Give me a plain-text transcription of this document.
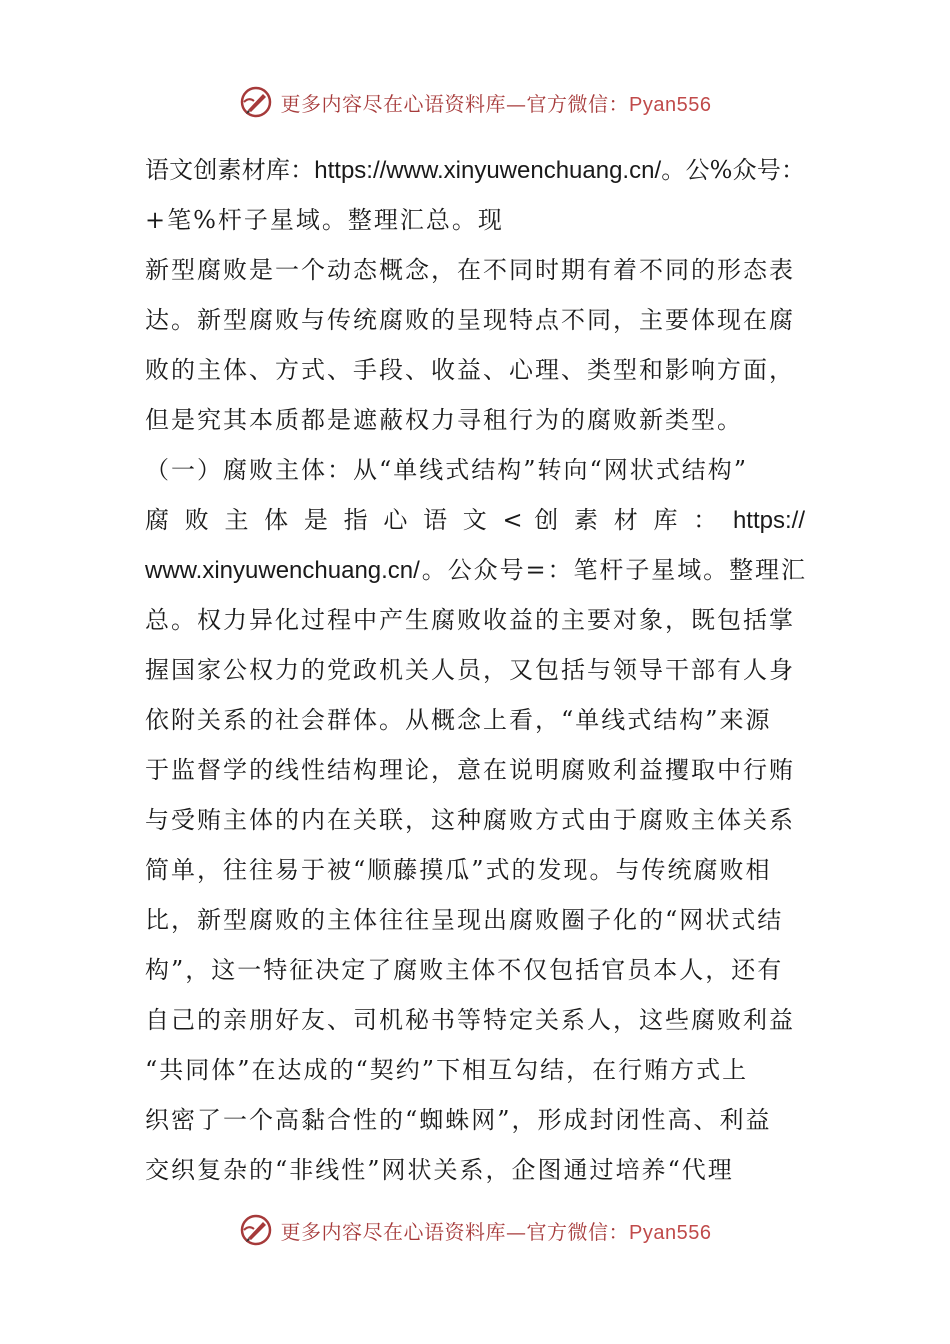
更多内容尽在心语资料库—官方微信：Pyan556
语文创素材库：https://www.xinyuwenchuang.cn/。公%众号：
+笔%杆子星域。整理汇总。现
新型腐败是一个动态概念，在不同时期有着不同的形态表
达。新型腐败与传统腐败的呈现特点不同，主要体现在腐
败的主体、方式、手段、收益、心理、类型和影响方面，
但是究其本质都是遮蔽权力寻租行为的腐败新类型。
（一）腐败主体：从“单线式结构”转向“网状式结构”
腐 败 主 体 是 指 心 语 文 < 创 素 材 库 ： https://
www.xinyuwenchuang.cn/。公众号=：笔杆子星域。整理汇
总。权力异化过程中产生腐败收益的主要对象，既包括掌
握国家公权力的党政机关人员，又包括与领导干部有人身
依附关系的社会群体。从概念上看，“单线式结构”来源
于监督学的线性结构理论，意在说明腐败利益攫取中行贿
与受贿主体的内在关联，这种腐败方式由于腐败主体关系
简单，往往易于被“顺藤摸瓜”式的发现。与传统腐败相
比，新型腐败的主体往往呈现出腐败圈子化的“网状式结
构”，这一特征决定了腐败主体不仅包括官员本人，还有
自己的亲朋好友、司机秘书等特定关系人，这些腐败利益
“共同体”在达成的“契约”下相互勾结，在行贿方式上
织密了一个高黏合性的“蜘蛛网”，形成封闭性高、利益
交织复杂的“非线性”网状关系，企图通过培养“代理
更多内容尽在心语资料库—官方微信：Pyan556
